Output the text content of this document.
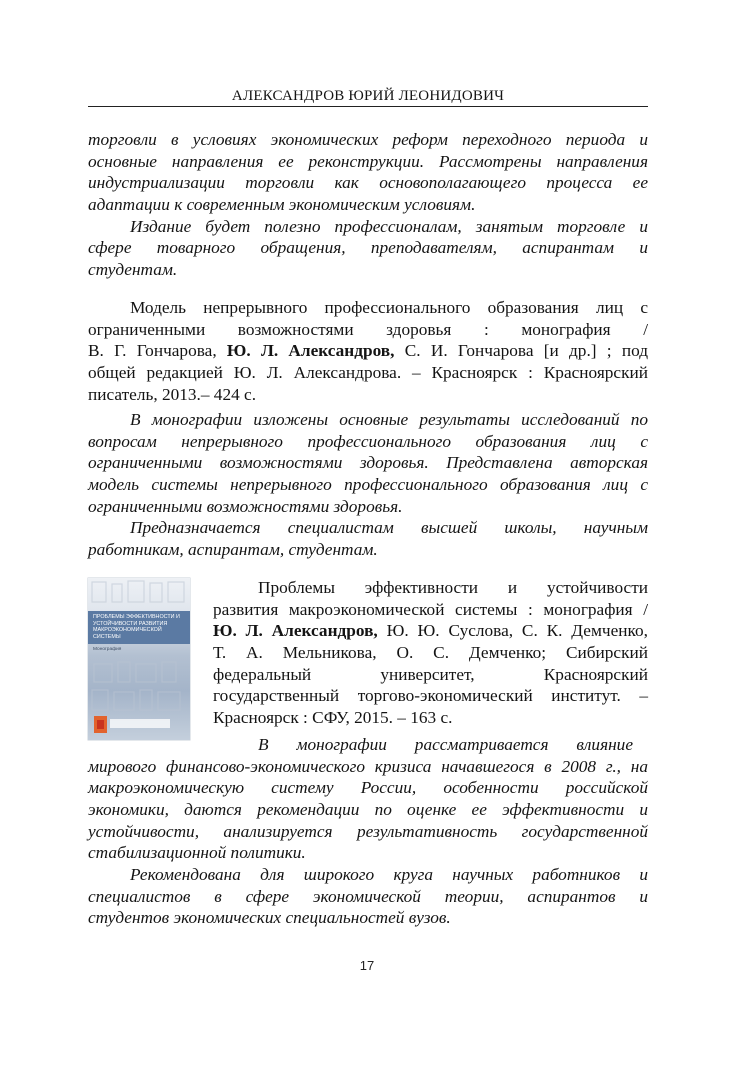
АЛЕКСАНДРОВ ЮРИЙ ЛЕОНИДОВИЧ
торговли в условиях экономических реформ переходного периода и
основные направления ее реконструкции. Рассмотрены направления
индустриализации торговли как основополагающего процесса ее
адаптации к современным экономическим условиям.
Издание будет полезно профессионалам, занятым торговле и
сфере товарного обращения, преподавателям, аспирантам и
студентам.
Модель непрерывного профессионального образования лиц с
ограниченными возможностями здоровья : монография /
В. Г. Гончарова, Ю. Л. Александров, С. И. Гончарова [и др.] ; под
общей редакцией Ю. Л. Александрова. – Красноярск : Красноярский
писатель, 2013.– 424 с.
В монографии изложены основные результаты исследований по
вопросам непрерывного профессионального образования лиц с
ограниченными возможностями здоровья. Представлена авторская
модель системы непрерывного профессионального образования лиц с
ограниченными возможностями здоровья.
Предназначается специалистам высшей школы, научным
работникам, аспирантам, студентам.
ПРОБЛЕМЫ ЭФФЕКТИВНОСТИ И УСТОЙЧИВОСТИ РАЗВИТИЯ МАКРОЭКОНОМИЧЕСКОЙ СИСТЕМЫ
Монография
Проблемы эффективности и устойчивости
развития макроэкономической системы : монография /
Ю. Л. Александров, Ю. Ю. Суслова, С. К. Демченко,
Т. А. Мельникова, О. С. Демченко; Сибирский
федеральный университет, Красноярский
государственный торгово-экономический институт. –
Красноярск : СФУ, 2015. – 163 с.
В монографии рассматривается влияние
мирового финансово-экономического кризиса начавшегося в 2008 г., на
макроэкономическую систему России, особенности российской
экономики, даются рекомендации по оценке ее эффективности и
устойчивости, анализируется результативность государственной
стабилизационной политики.
Рекомендована для широкого круга научных работников и
специалистов в сфере экономической теории, аспирантов и
студентов экономических специальностей вузов.
17
